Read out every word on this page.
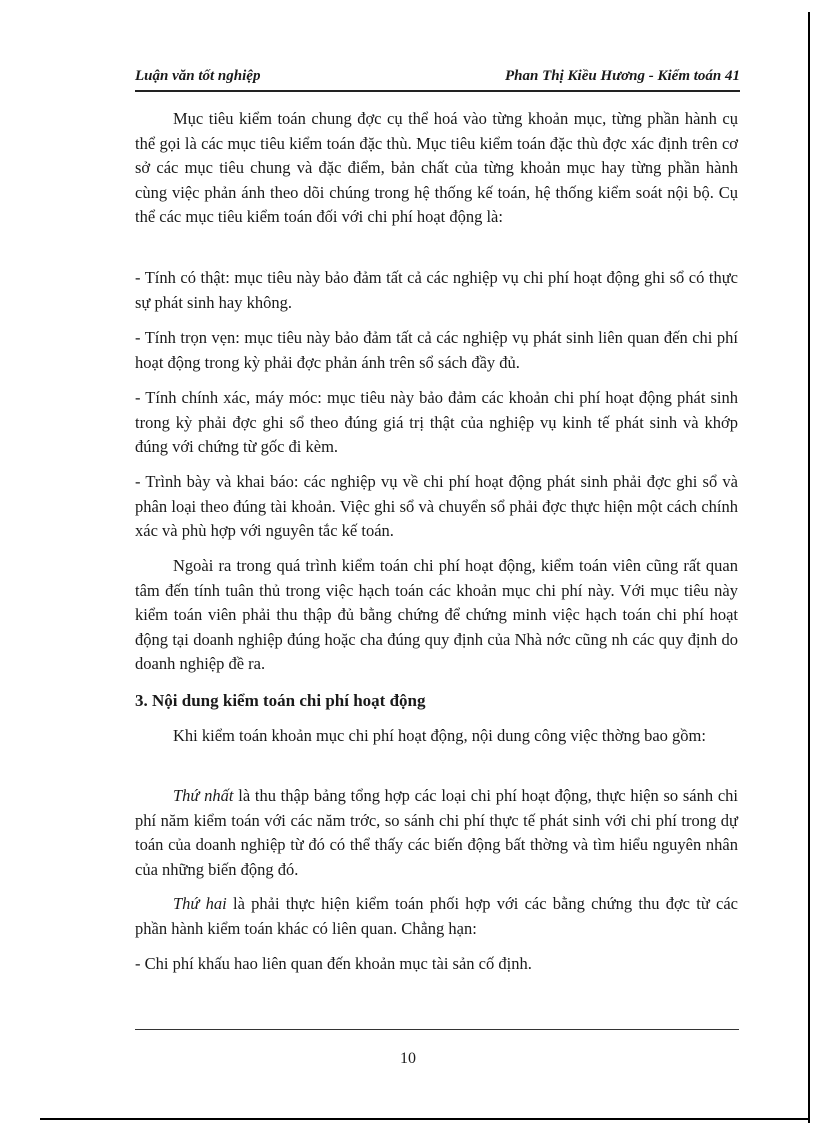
Luận văn tốt nghiệp	Phan Thị Kiều Hương - Kiểm toán 41
Mục tiêu kiểm toán chung đợc cụ thể hoá vào từng khoản mục, từng phần hành cụ thể gọi là các mục tiêu kiểm toán đặc thù. Mục tiêu kiểm toán đặc thù đợc xác định trên cơ sở các mục tiêu chung và đặc điểm, bản chất của từng khoản mục hay từng phần hành cùng việc phản ánh theo dõi chúng trong hệ thống kế toán, hệ thống kiểm soát nội bộ. Cụ thể các mục tiêu kiểm toán đối với chi phí hoạt động là:
- Tính có thật: mục tiêu này bảo đảm tất cả các nghiệp vụ chi phí hoạt động ghi sổ có thực sự phát sinh hay không.
- Tính trọn vẹn: mục tiêu này bảo đảm tất cả các nghiệp vụ phát sinh liên quan đến chi phí hoạt động trong kỳ phải đợc phản ánh trên sổ sách đầy đủ.
- Tính chính xác, máy móc: mục tiêu này bảo đảm các khoản chi phí hoạt động phát sinh trong kỳ phải đợc ghi sổ theo đúng giá trị thật của nghiệp vụ kinh tế phát sinh và khớp đúng với chứng từ gốc đi kèm.
- Trình bày và khai báo: các nghiệp vụ về chi phí hoạt động phát sinh phải đợc ghi sổ và phân loại theo đúng tài khoản. Việc ghi sổ và chuyển sổ phải đợc thực hiện một cách chính xác và phù hợp với nguyên tắc kế toán.
Ngoài ra trong quá trình kiểm toán chi phí hoạt động, kiểm toán viên cũng rất quan tâm đến tính tuân thủ trong việc hạch toán các khoản mục chi phí này. Với mục tiêu này kiểm toán viên phải thu thập đủ bằng chứng để chứng minh việc hạch toán chi phí hoạt động tại doanh nghiệp đúng hoặc cha đúng quy định của Nhà nớc cũng nh các quy định do doanh nghiệp đề ra.
3. Nội dung kiểm toán chi phí hoạt động
Khi kiểm toán khoản mục chi phí hoạt động, nội dung công việc thờng bao gồm:
Thứ nhất là thu thập bảng tổng hợp các loại chi phí hoạt động, thực hiện so sánh chi phí năm kiểm toán với các năm trớc, so sánh chi phí thực tế phát sinh với chi phí trong dự toán của doanh nghiệp từ đó có thể thấy các biến động bất thờng và tìm hiểu nguyên nhân của những biến động đó.
Thứ hai là phải thực hiện kiểm toán phối hợp với các bằng chứng thu đợc từ các phần hành kiểm toán khác có liên quan. Chẳng hạn:
- Chi phí khấu hao liên quan đến khoản mục tài sản cố định.
10
